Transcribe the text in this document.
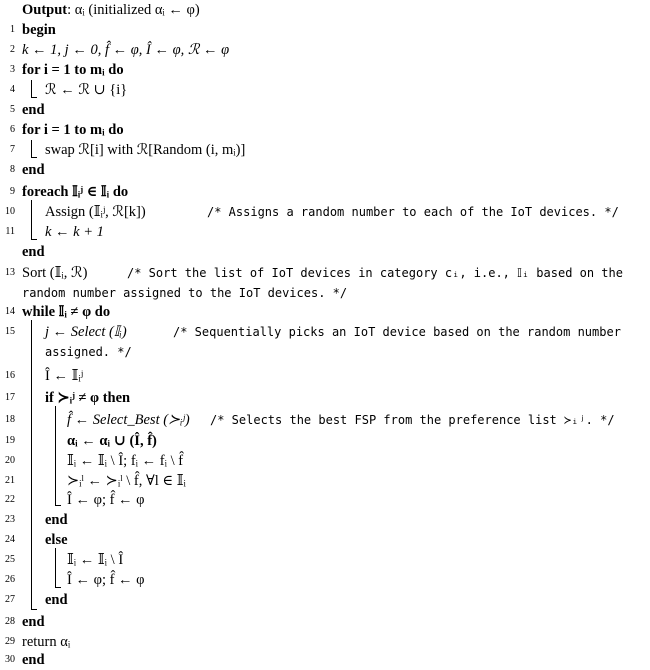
Output: αᵢ (initialized αᵢ ← φ)
1 begin
2 k ← 1, j ← 0, f̂ ← φ, Î ← φ, ℛ ← φ
3 for i = 1 to mᵢ do
4 ℛ ← ℛ ∪ {i}
5 end
6 for i = 1 to mᵢ do
7 swap ℛ[i] with ℛ[Random (i, mᵢ)]
8 end
9 foreach 𝕀ᵢʲ ∈ 𝕀ᵢ do
10 Assign (𝕀ᵢʲ, ℛ[k])	/* Assigns a random number to each of the IoT devices. */
11 k ← k + 1
end
13 Sort (𝕀ᵢ, ℛ)	/* Sort the list of IoT devices in category cᵢ, i.e., 𝕀ᵢ based on the
random number assigned to the IoT devices. */
14 while 𝕀ᵢ ≠ φ do
15 j ← Select (𝕀ᵢ)	/* Sequentially picks an IoT device based on the random number
assigned. */
16 Î ← 𝕀ᵢʲ
17 if ≻ᵢʲ ≠ φ then
18	f̂ ← Select_Best (≻ᵢʲ) /* Selects the best FSP from the preference list ≻ᵢʲ. */
19	αᵢ ← αᵢ ∪ (Î, f̂)
20	𝕀ᵢ ← 𝕀ᵢ \ Î; fᵢ ← fᵢ \ f̂
21	≻ᵢˡ ← ≻ᵢˡ \ f̂, ∀l ∈ 𝕀ᵢ
22	Î ← φ; f̂ ← φ
23 end
24 else
25	𝕀ᵢ ← 𝕀ᵢ \ Î
26	Î ← φ; f̂ ← φ
27 end
28 end
29 return αᵢ
30 end
